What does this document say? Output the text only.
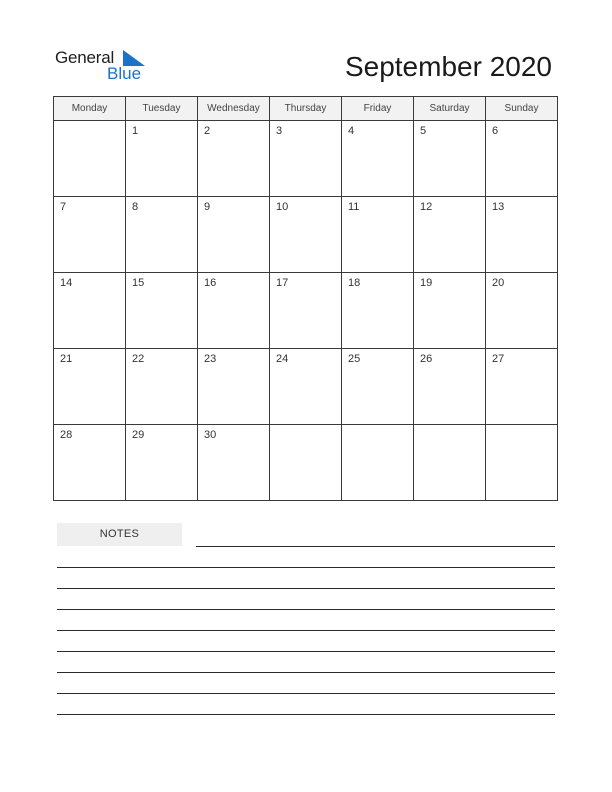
General
Blue	September 2020
Monday	Tuesday	Wednesday	Thursday	Friday	Saturday	Sunday

	1	2	3	4	5	6

7	8	9	10	11	12	13

14	15	16	17	18	19	20

21	22	23	24	25	26	27

28	29	30				

NOTES
